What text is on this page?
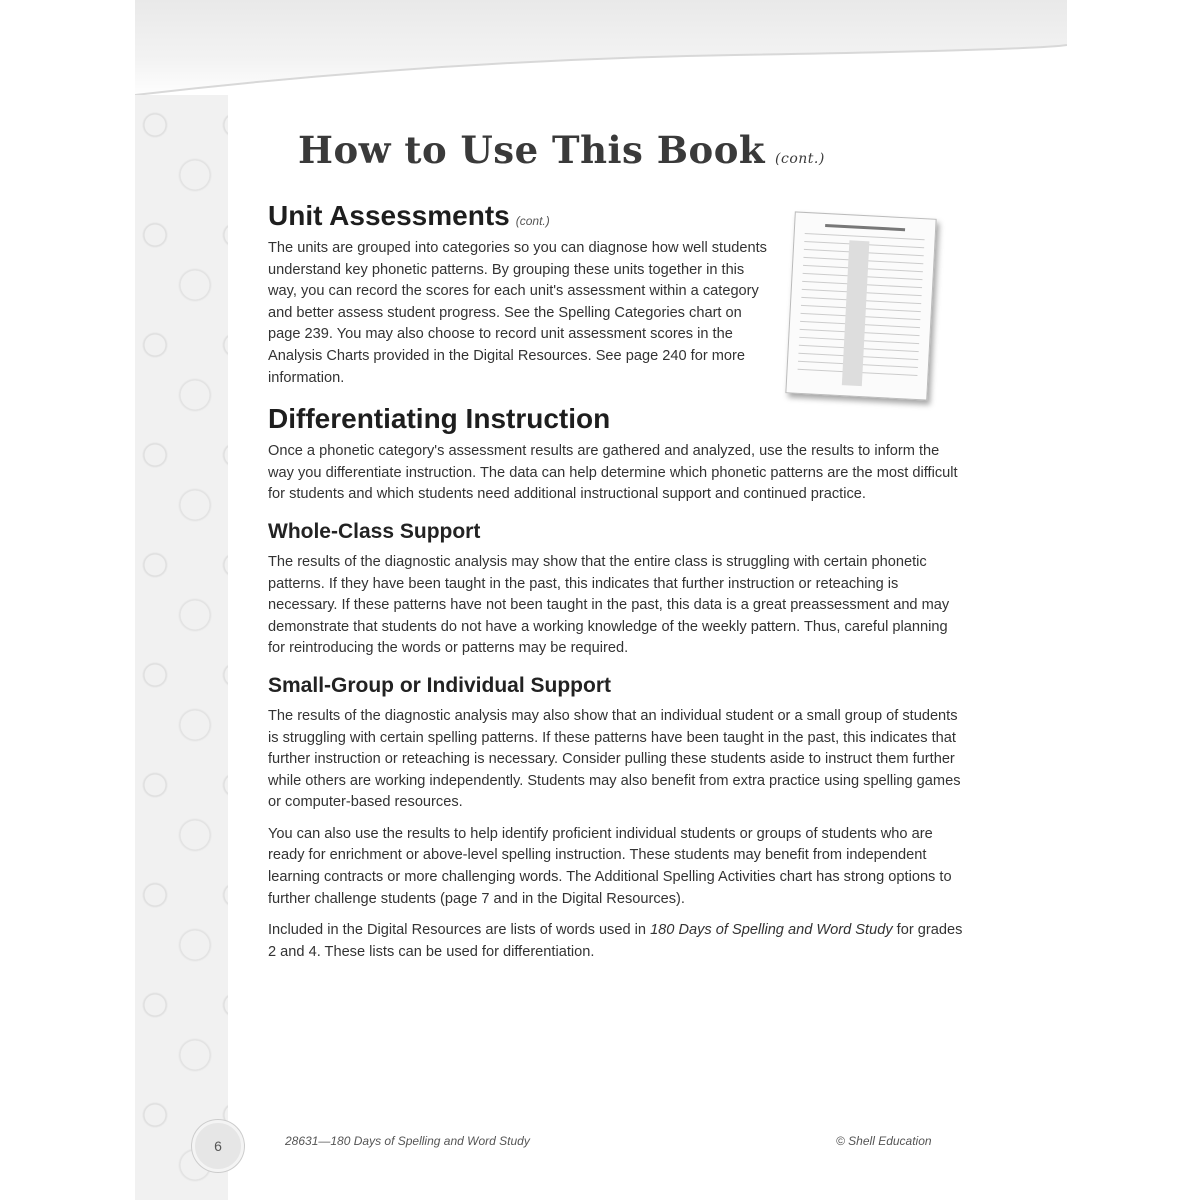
How to Use This Book (cont.)
Unit Assessments (cont.)

The units are grouped into categories so you can diagnose how well students understand key phonetic patterns. By grouping these units together in this way, you can record the scores for each unit's assessment within a category and better assess student progress. See the Spelling Categories chart on page 239. You may also choose to record unit assessment scores in the Analysis Charts provided in the Digital Resources. See page 240 for more information.

Differentiating Instruction

Once a phonetic category's assessment results are gathered and analyzed, use the results to inform the way you differentiate instruction. The data can help determine which phonetic patterns are the most difficult for students and which students need additional instructional support and continued practice.

Whole-Class Support

The results of the diagnostic analysis may show that the entire class is struggling with certain phonetic patterns. If they have been taught in the past, this indicates that further instruction or reteaching is necessary. If these patterns have not been taught in the past, this data is a great preassessment and may demonstrate that students do not have a working knowledge of the weekly pattern. Thus, careful planning for reintroducing the words or patterns may be required.

Small-Group or Individual Support

The results of the diagnostic analysis may also show that an individual student or a small group of students is struggling with certain spelling patterns. If these patterns have been taught in the past, this indicates that further instruction or reteaching is necessary. Consider pulling these students aside to instruct them further while others are working independently. Students may also benefit from extra practice using spelling games or computer-based resources.

You can also use the results to help identify proficient individual students or groups of students who are ready for enrichment or above-level spelling instruction. These students may benefit from independent learning contracts or more challenging words. The Additional Spelling Activities chart has strong options to further challenge students (page 7 and in the Digital Resources).

Included in the Digital Resources are lists of words used in 180 Days of Spelling and Word Study for grades 2 and 4. These lists can be used for differentiation.

6	28631—180 Days of Spelling and Word Study	© Shell Education
